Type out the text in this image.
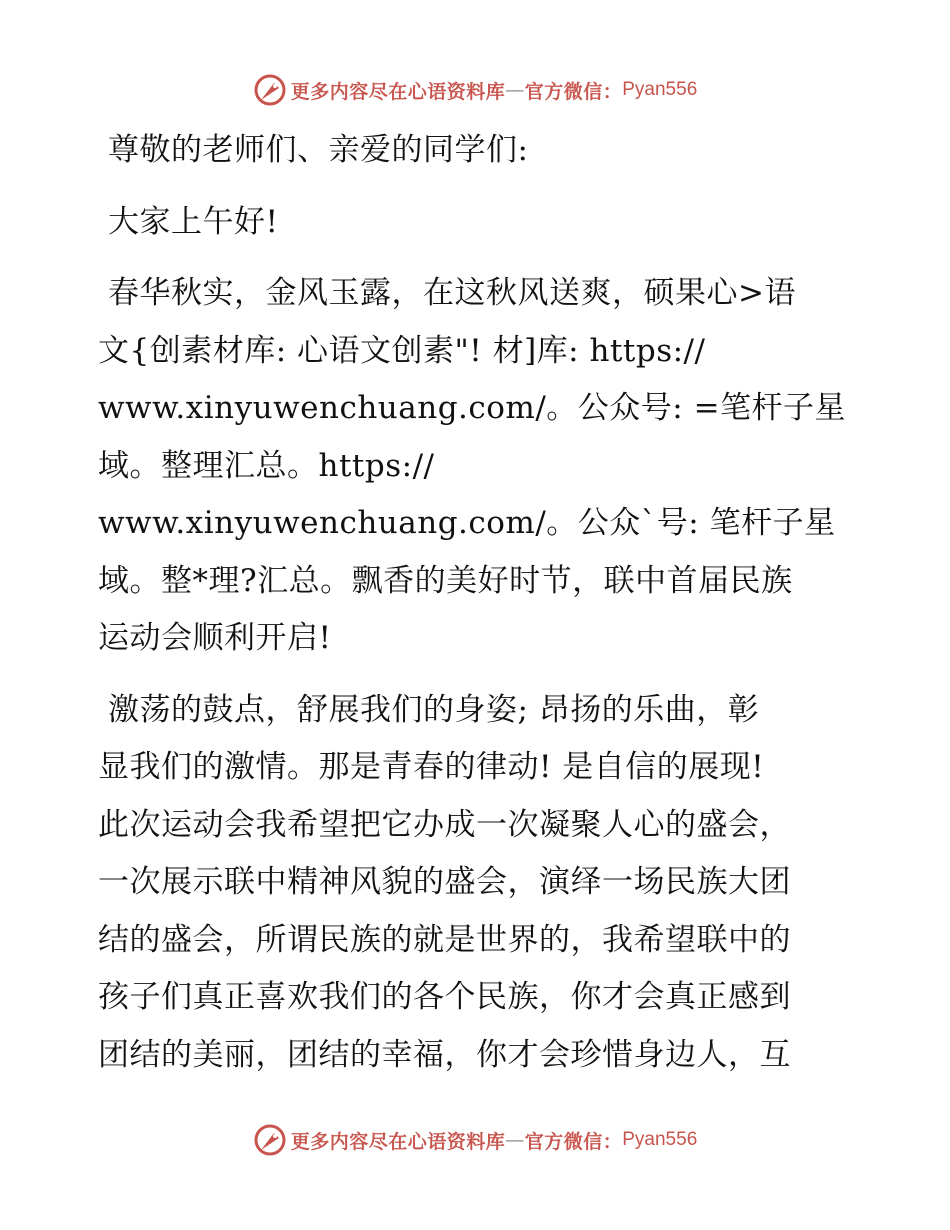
更多内容尽在心语资料库 — 官方微信： Pyan556

尊敬的老师们、亲爱的同学们:

大家上午好!

春华秋实，金风玉露，在这秋风送爽，硕果心>语
文{创素材库: 心语文创素"! 材]库: https://
www.xinyuwenchuang.com/。公众号: =笔杆子星
域。整理汇总。https://
www.xinyuwenchuang.com/。公众`号: 笔杆子星
域。整*理?汇总。飘香的美好时节，联中首届民族
运动会顺利开启!

激荡的鼓点，舒展我们的身姿; 昂扬的乐曲，彰
显我们的激情。那是青春的律动! 是自信的展现!
此次运动会我希望把它办成一次凝聚人心的盛会，
一次展示联中精神风貌的盛会，演绎一场民族大团
结的盛会，所谓民族的就是世界的，我希望联中的
孩子们真正喜欢我们的各个民族，你才会真正感到
团结的美丽，团结的幸福，你才会珍惜身边人，互

更多内容尽在心语资料库 — 官方微信： Pyan556
